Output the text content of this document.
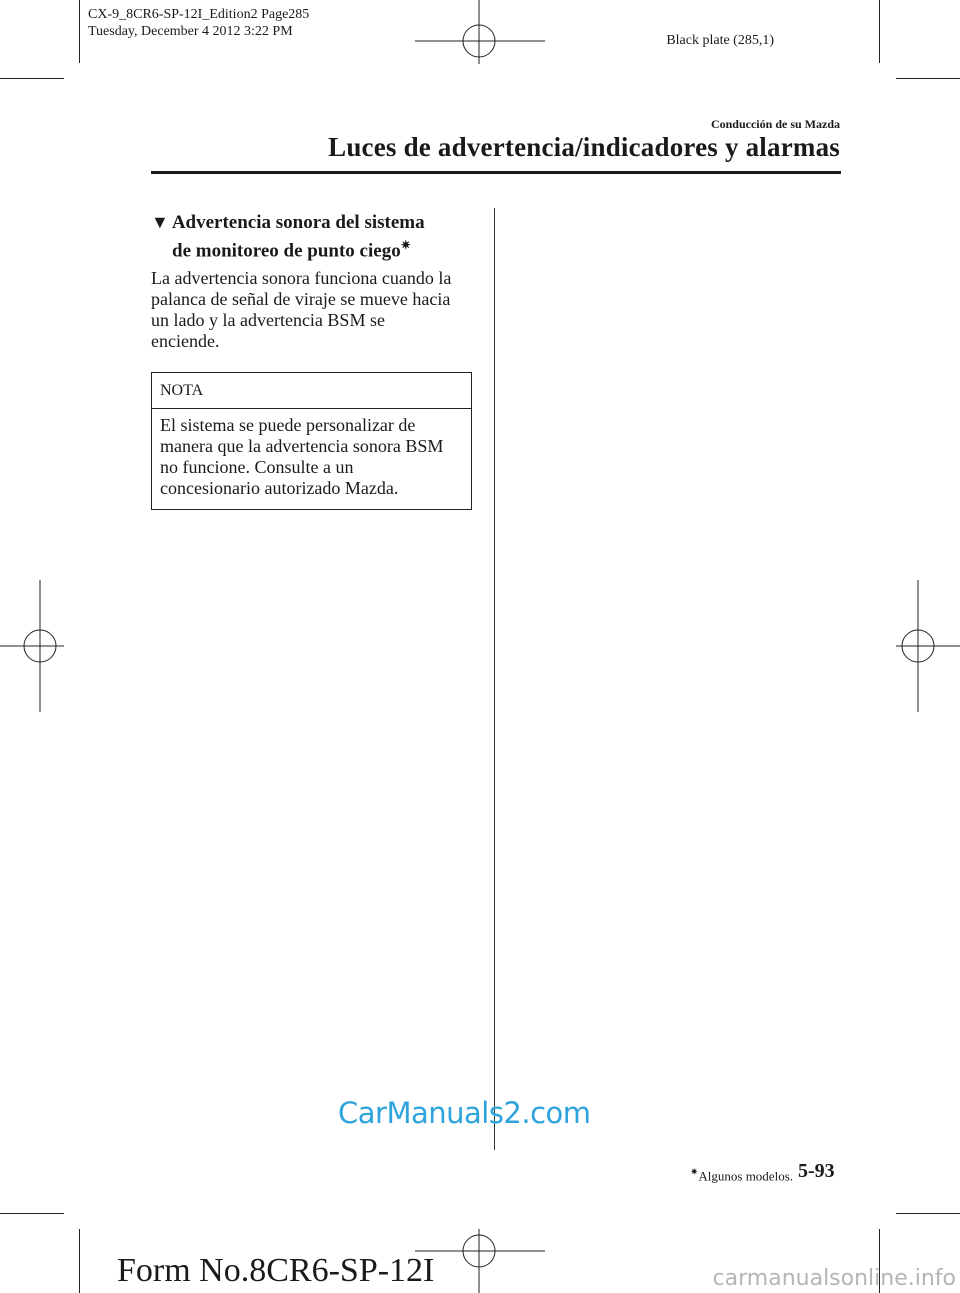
CX-9_8CR6-SP-12I_Edition2 Page285
Tuesday, December 4 2012 3:22 PM
Black plate (285,1)
Conducción de su Mazda
Luces de advertencia/indicadores y alarmas
▼ Advertencia sonora del sistema
de monitoreo de punto ciego✷
La advertencia sonora funciona cuando la
palanca de señal de viraje se mueve hacia
un lado y la advertencia BSM se
enciende.
NOTA
El sistema se puede personalizar de
manera que la advertencia sonora BSM
no funcione. Consulte a un
concesionario autorizado Mazda.
CarManuals2.com
✷Algunos modelos. 5-93
Form No.8CR6-SP-12I	carmanualsonline.info
